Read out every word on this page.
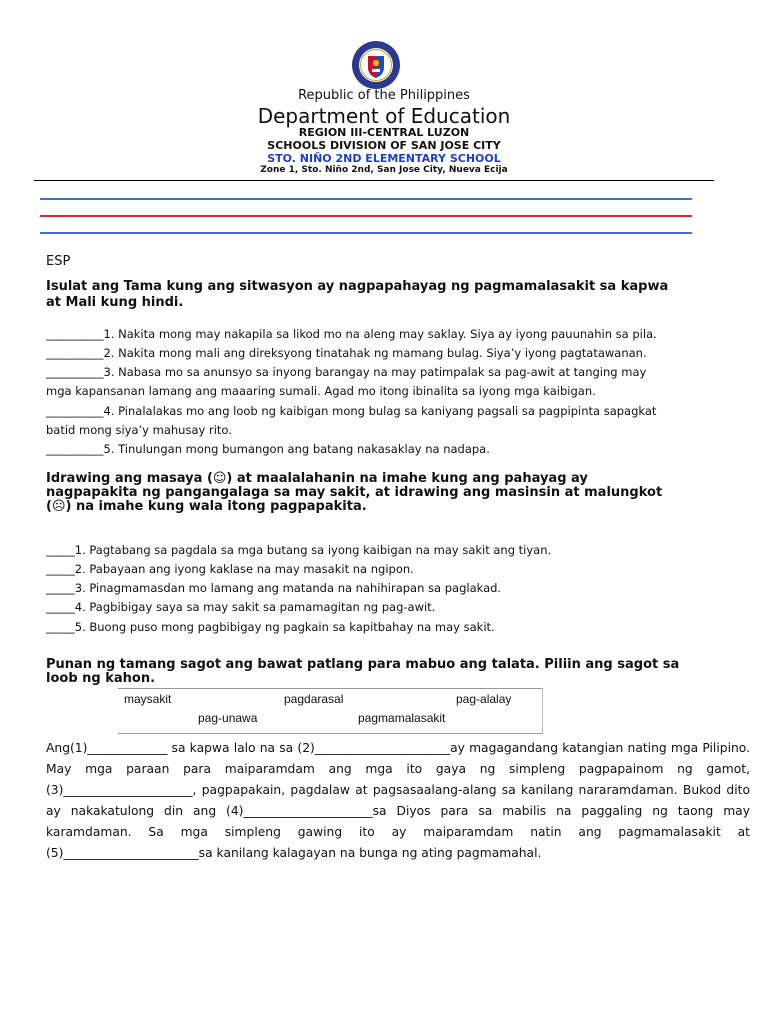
Republic of the Philippines
Department of Education
REGION III-CENTRAL LUZON
SCHOOLS DIVISION OF SAN JOSE CITY
STO. NIÑO 2ND ELEMENTARY SCHOOL
Zone 1, Sto. Niño 2nd, San Jose City, Nueva Ecija
ESP
Isulat ang Tama kung ang sitwasyon ay nagpapahayag ng pagmamalasakit sa kapwa
at Mali kung hindi.
__________1. Nakita mong may nakapila sa likod mo na aleng may saklay. Siya ay iyong pauunahin sa pila.
__________2. Nakita mong mali ang direksyong tinatahak ng mamang bulag. Siya’y iyong pagtatawanan.
__________3. Nabasa mo sa anunsyo sa inyong barangay na may patimpalak sa pag-awit at tanging may
mga kapansanan lamang ang maaaring sumali. Agad mo itong ibinalita sa iyong mga kaibigan.
__________4. Pinalalakas mo ang loob ng kaibigan mong bulag sa kaniyang pagsali sa pagpipinta sapagkat
batid mong siya’y mahusay rito.
__________5. Tinulungan mong bumangon ang batang nakasaklay na nadapa.
Idrawing ang masaya (☺) at maalalahanin na imahe kung ang pahayag ay
nagpapakita ng pangangalaga sa may sakit, at idrawing ang masinsin at malungkot
(☹) na imahe kung wala itong pagpapakita.
_____1. Pagtabang sa pagdala sa mga butang sa iyong kaibigan na may sakit ang tiyan.
_____2. Pabayaan ang iyong kaklase na may masakit na ngipon.
_____3. Pinagmamasdan mo lamang ang matanda na nahihirapan sa paglakad.
_____4. Pagbibigay saya sa may sakit sa pamamagitan ng pag-awit.
_____5. Buong puso mong pagbibigay ng pagkain sa kapitbahay na may sakit.
Punan ng tamang sagot ang bawat patlang para mabuo ang talata. Piliin ang sagot sa
loob ng kahon.
maysakit	pagdarasal	pag-alalay
pag-unawa	pagmamalasakit
Ang(1)_____________ sa kapwa lalo na sa (2)______________________ay magagandang katangian nating mga Pilipino. May mga paraan para maiparamdam ang mga ito gaya ng simpleng pagpapainom ng gamot, (3)_____________________, pagpapakain, pagdalaw at pagsasaalang-alang sa kanilang nararamdaman. Bukod dito ay nakakatulong din ang (4)_____________________sa Diyos para sa mabilis na paggaling ng taong may karamdaman. Sa mga simpleng gawing ito ay maiparamdam natin ang pagmamalasakit at (5)______________________sa kanilang kalagayan na bunga ng ating pagmamahal.
